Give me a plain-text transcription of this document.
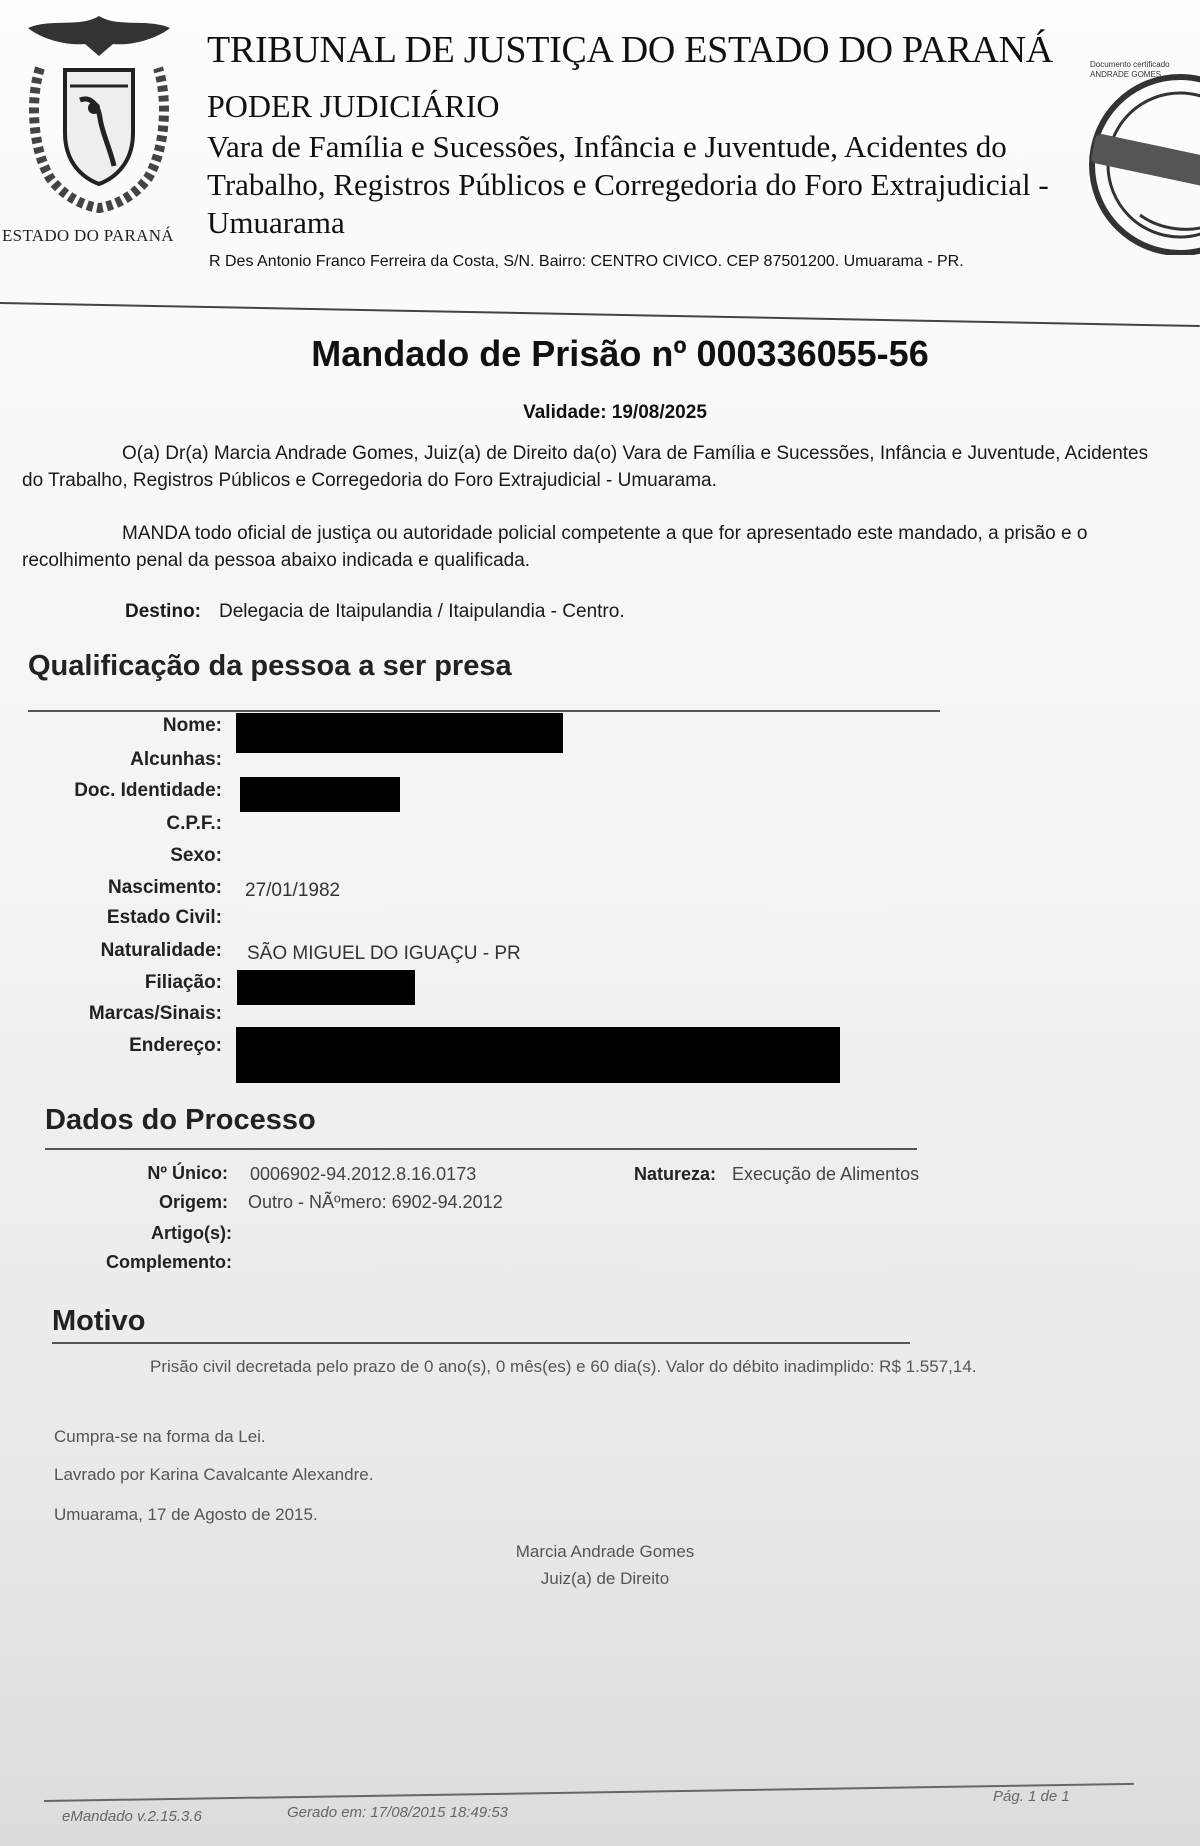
ESTADO DO PARANÁ
TRIBUNAL DE JUSTIÇA DO ESTADO DO PARANÁ
PODER JUDICIÁRIO
Vara de Família e Sucessões, Infância e Juventude, Acidentes do Trabalho, Registros Públicos e Corregedoria do Foro Extrajudicial - Umuarama
R Des Antonio Franco Ferreira da Costa, S/N. Bairro: CENTRO CIVICO. CEP 87501200. Umuarama - PR.
Documento certificado ANDRADE GOMES
Mandado de Prisão nº 000336055-56
Validade: 19/08/2025
O(a) Dr(a) Marcia Andrade Gomes, Juiz(a) de Direito da(o) Vara de Família e Sucessões, Infância e Juventude, Acidentes do Trabalho, Registros Públicos e Corregedoria do Foro Extrajudicial - Umuarama.
MANDA todo oficial de justiça ou autoridade policial competente a que for apresentado este mandado, a prisão e o recolhimento penal da pessoa abaixo indicada e qualificada.
Destino: Delegacia de Itaipulandia / Itaipulandia - Centro.
Qualificação da pessoa a ser presa
Nome:
Alcunhas:
Doc. Identidade:
C.P.F.:
Sexo:
Nascimento: 27/01/1982
Estado Civil:
Naturalidade: SÃO MIGUEL DO IGUAÇU - PR
Filiação:
Marcas/Sinais:
Endereço:
Dados do Processo
Nº Único: 0006902-94.2012.8.16.0173	Natureza: Execução de Alimentos
Origem: Outro - NÃºmero: 6902-94.2012
Artigo(s):
Complemento:
Motivo
Prisão civil decretada pelo prazo de 0 ano(s), 0 mês(es) e 60 dia(s). Valor do débito inadimplido: R$ 1.557,14.
Cumpra-se na forma da Lei.
Lavrado por Karina Cavalcante Alexandre.
Umuarama, 17 de Agosto de 2015.
Marcia Andrade Gomes
Juiz(a) de Direito
eMandado v.2.15.3.6	Gerado em: 17/08/2015 18:49:53
Pág. 1 de 1
